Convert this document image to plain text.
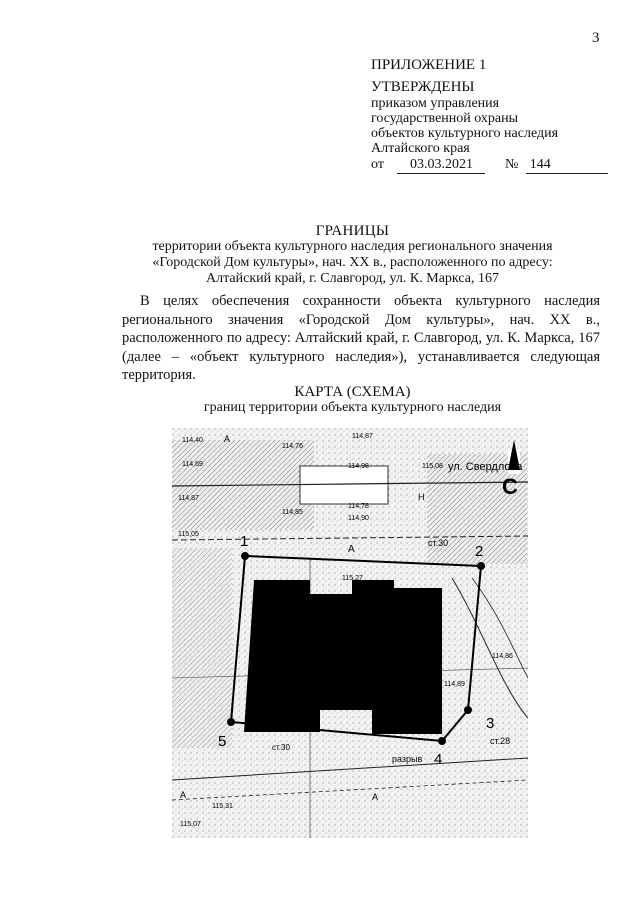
3
ПРИЛОЖЕНИЕ 1
УТВЕРЖДЕНЫ
приказом управления
государственной охраны
объектов культурного наследия
Алтайского края
от 03.03.2021 № 144
ГРАНИЦЫ
территории объекта культурного наследия регионального значения
«Городской Дом культуры», нач. XX в., расположенного по адресу:
Алтайский край, г. Славгород, ул. К. Маркса, 167
В целях обеспечения сохранности объекта культурного наследия регионального значения «Городской Дом культуры», нач. XX в., расположенного по адресу: Алтайский край, г. Славгород, ул. К. Маркса, 167 (далее – «объект культурного наследия»), устанавливается следующая территория.
КАРТА (СХЕМА)
границ территории объекта культурного наследия
1
2
3
4
5
С
ул. Свердлова
А
А
Н
ст.30
ст.28
разрыв
114,40
114,76
114,87
114,98
114,69
115,27
114,89
114,78
114,87
114,90
115,05
115,07
115,08
114,85
114,86
115,13
115,31
ст.30
А	А
